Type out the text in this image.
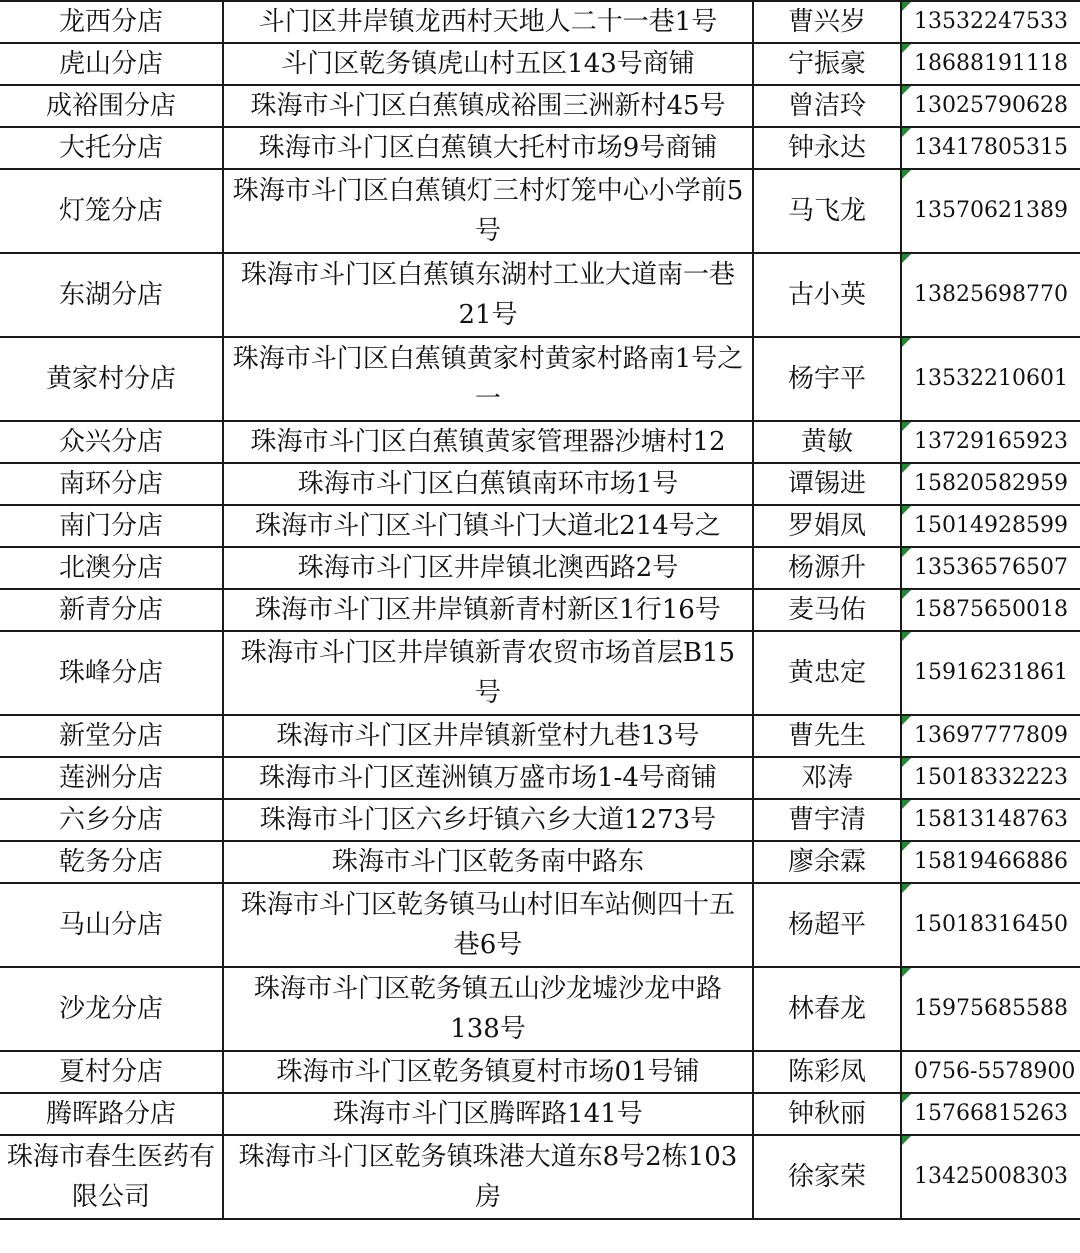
龙西分店	斗门区井岸镇龙西村天地人二十一巷1号	曹兴岁	13532247533
虎山分店	斗门区乾务镇虎山村五区143号商铺	宁振豪	18688191118
成裕围分店	珠海市斗门区白蕉镇成裕围三洲新村45号	曾洁玲	13025790628
大托分店	珠海市斗门区白蕉镇大托村市场9号商铺	钟永达	13417805315
灯笼分店	珠海市斗门区白蕉镇灯三村灯笼中心小学前5号	马飞龙	13570621389
东湖分店	珠海市斗门区白蕉镇东湖村工业大道南一巷21号	古小英	13825698770
黄家村分店	珠海市斗门区白蕉镇黄家村黄家村路南1号之一	杨宇平	13532210601
众兴分店	珠海市斗门区白蕉镇黄家管理器沙塘村12	黄敏	13729165923
南环分店	珠海市斗门区白蕉镇南环市场1号	谭锡进	15820582959
南门分店	珠海市斗门区斗门镇斗门大道北214号之	罗娟凤	15014928599
北澳分店	珠海市斗门区井岸镇北澳西路2号	杨源升	13536576507
新青分店	珠海市斗门区井岸镇新青村新区1行16号	麦马佑	15875650018
珠峰分店	珠海市斗门区井岸镇新青农贸市场首层B15号	黄忠定	15916231861
新堂分店	珠海市斗门区井岸镇新堂村九巷13号	曹先生	13697777809
莲洲分店	珠海市斗门区莲洲镇万盛市场1-4号商铺	邓涛	15018332223
六乡分店	珠海市斗门区六乡圩镇六乡大道1273号	曹宇清	15813148763
乾务分店	珠海市斗门区乾务南中路东	廖余霖	15819466886
马山分店	珠海市斗门区乾务镇马山村旧车站侧四十五巷6号	杨超平	15018316450
沙龙分店	珠海市斗门区乾务镇五山沙龙墟沙龙中路138号	林春龙	15975685588
夏村分店	珠海市斗门区乾务镇夏村市场01号铺	陈彩凤	0756-5578900
腾晖路分店	珠海市斗门区腾晖路141号	钟秋丽	15766815263
珠海市春生医药有限公司	珠海市斗门区乾务镇珠港大道东8号2栋103房	徐家荣	13425008303
